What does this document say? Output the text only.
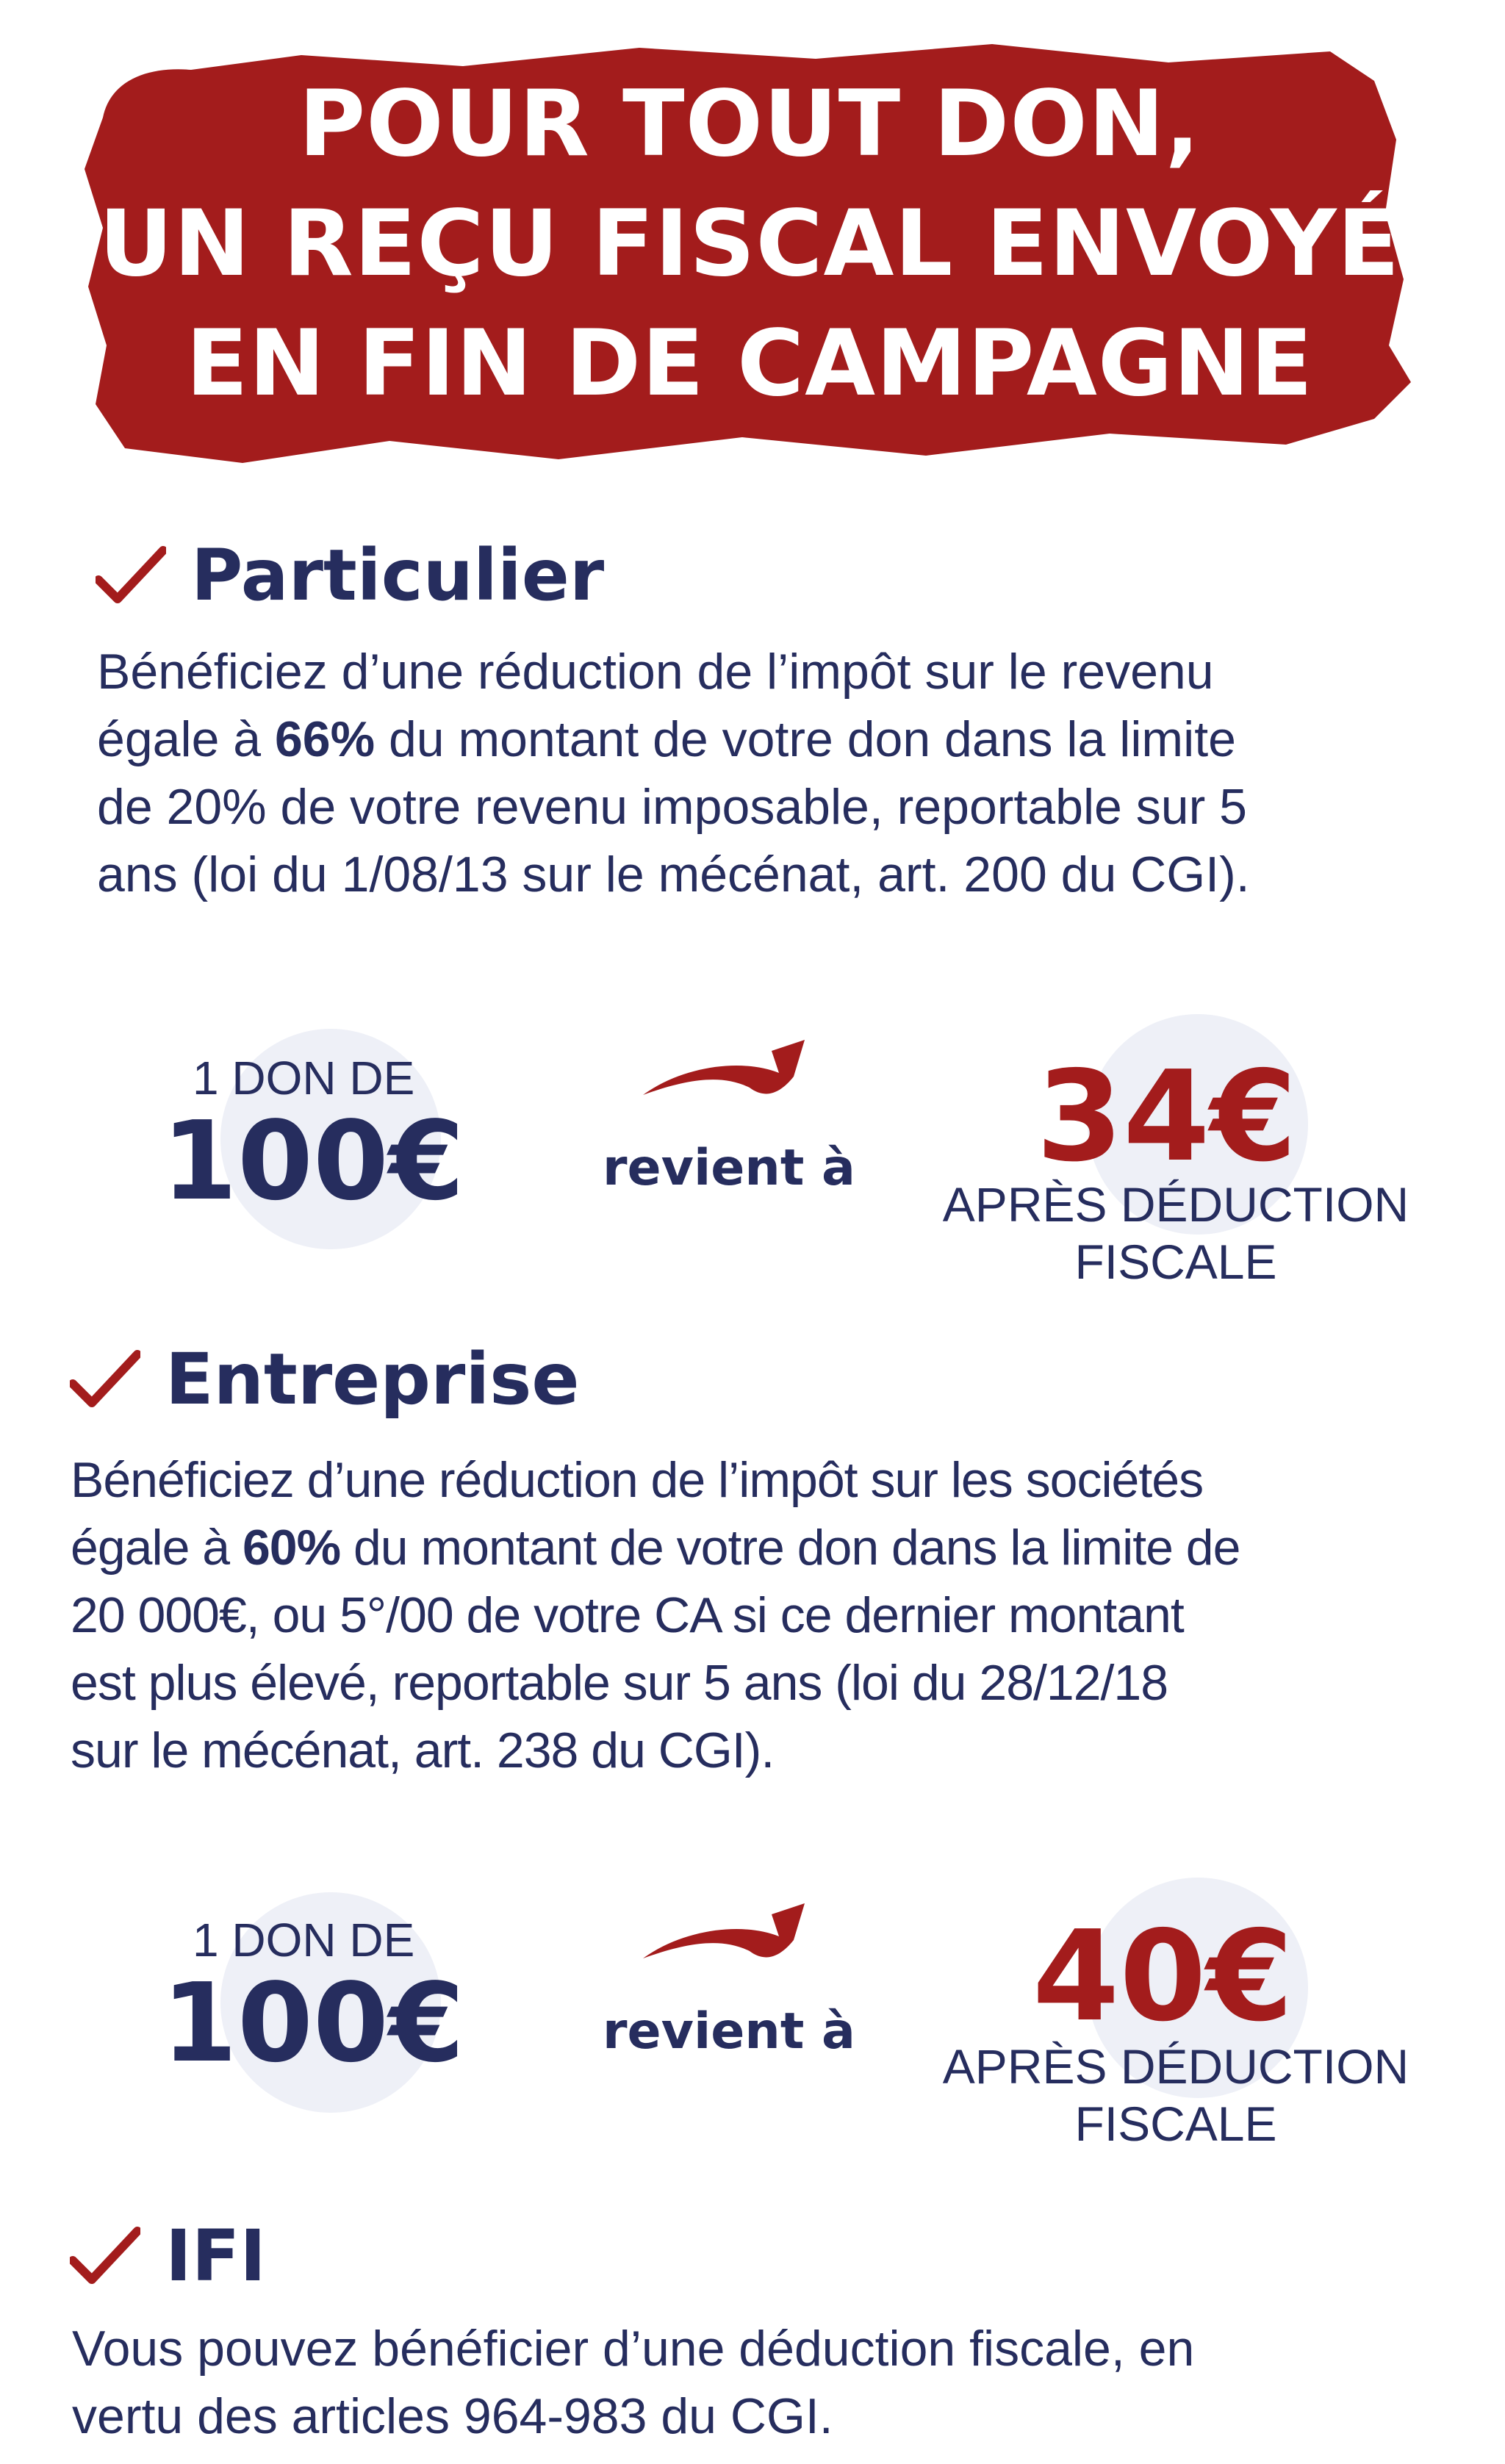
POUR TOUT DON,
UN REÇU FISCAL ENVOYÉ
EN FIN DE CAMPAGNE
Particulier
Bénéficiez d’une réduction de l’impôt sur le revenu
égale à 66% du montant de votre don dans la limite
de 20% de votre revenu imposable, reportable sur 5
ans (loi du 1/08/13 sur le mécénat, art. 200 du CGI).
1 DON DE
100€	revient à 34€
APRÈS DÉDUCTION
FISCALE
Entreprise
Bénéficiez d’une réduction de l’impôt sur les sociétés
égale à 60% du montant de votre don dans la limite de
20 000€, ou 5°/00 de votre CA si ce dernier montant
est plus élevé, reportable sur 5 ans (loi du 28/12/18
sur le mécénat, art. 238 du CGI).
1 DON DE
100€	revient à 40€
APRÈS DÉDUCTION
FISCALE
IFI
Vous pouvez bénéficier d’une déduction fiscale, en
vertu des articles 964-983 du CGI.
